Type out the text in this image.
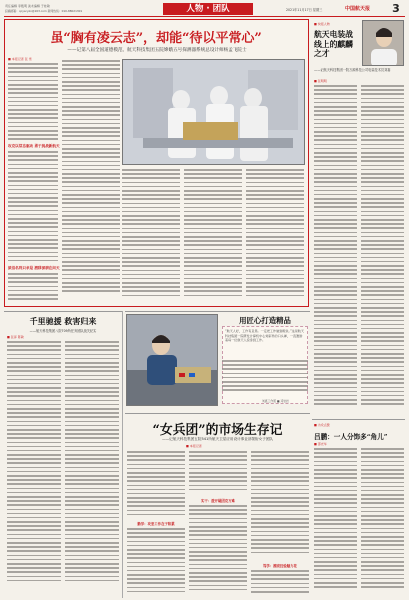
责任编辑 李筱明 美术编辑 于桂敏
投稿邮箱：qcyscyzx@163.com 新闻热线：010-88021301	人物 · 团队	2021年11月17日 星期三	中国航天报	3
虽“胸有凌云志”，却能“待以平常心”
——记第八届全国道德模范、航天科技集团五院嫦娥五号探测器系统总设计师杨孟飞院士
■ 本报记者 张 雪
攻克以常态驱动 勇于挑战新航天
淡泊名利只求是 潜移深耕在问天
■ 快报人物
航天电装战线上的麒麟之才
——记航天科技集团一院万源科技公司电装技术员刘嘉
■ 张明明
千里驰援 救害归来
——航天科技集团八院709所任务团队战关纪实
■ 张泽 陈敏
用匠心打造精品
“航天人好，工作有意思。一定把工作做到极致。”这是航天科技集团一院研发计算机中心刘家科的口头禅，一直激励着每一位航天人投身到工作。
刘嘉工作照 ■ 邓岩岩
“女兵团”的市场生存记
——记航天科技集团五院541所航天卫星应用设计事业部领衔女子团队
■ 本报记者
勤学：攻坚工作在于积累
实干：拨开疑团克万难
笃学：擦亮经验魅力花
■ 为众点赞
吕鹏：一人分饰多“角儿”
■ 邵光华
